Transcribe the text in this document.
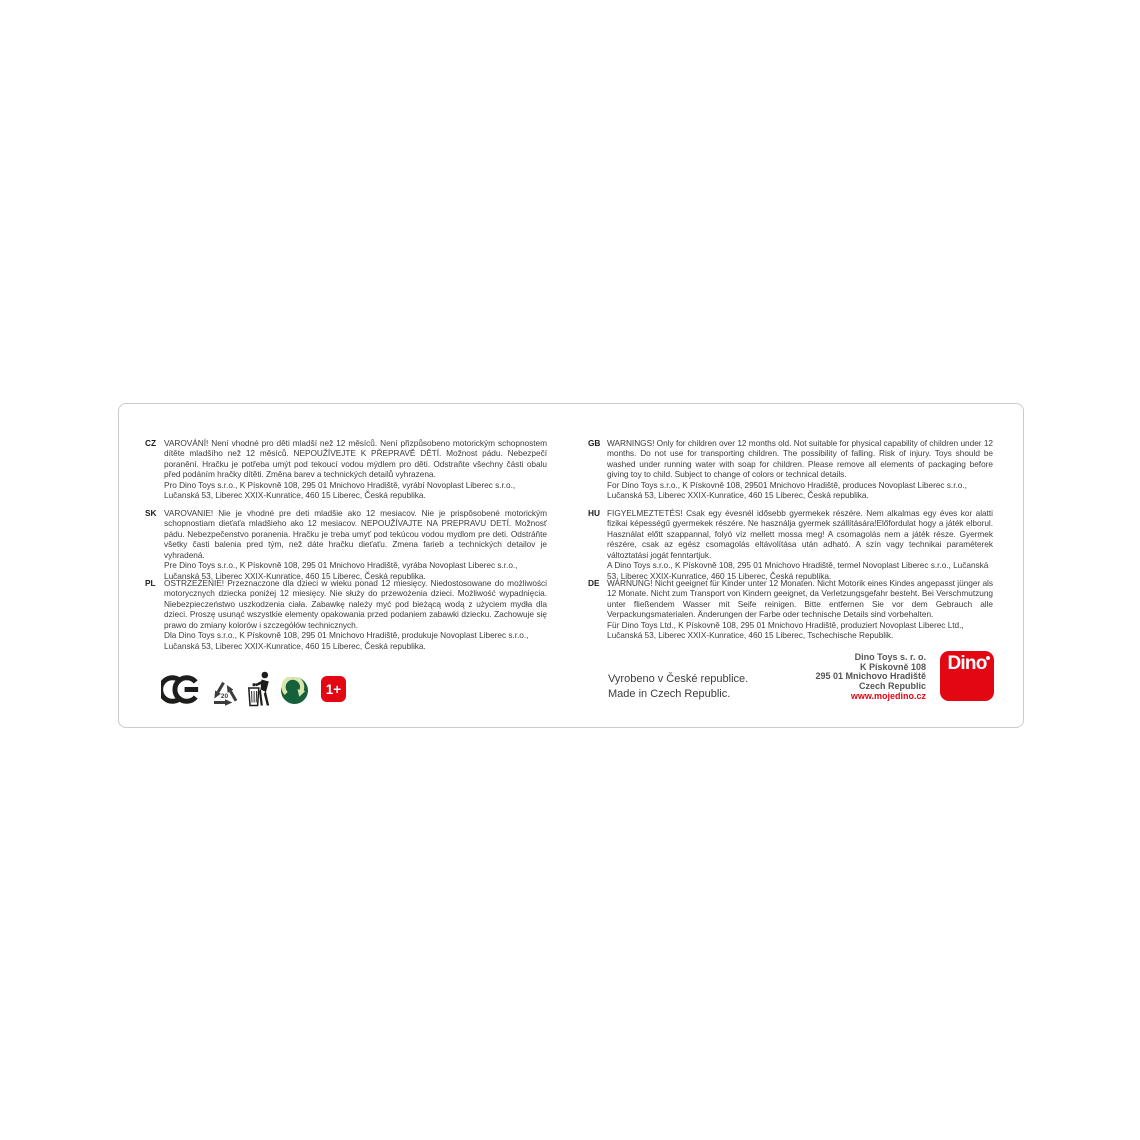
CZ VAROVÁNÍ! Není vhodné pro děti mladší než 12 měsíců. Není přizpůsobeno motorickým schopnostem dítěte mladšího než 12 měsíců. NEPOUŽÍVEJTE K PŘEPRAVĚ DĚTÍ. Možnost pádu. Nebezpečí poranění. Hračku je potřeba umýt pod tekoucí vodou mýdlem pro děti. Odstraňte všechny části obalu před podáním hračky dítěti. Změna barev a technických detailů vyhrazena.

Pro Dino Toys s.r.o., K Pískovně 108, 295 01 Mnichovo Hradiště, vyrábí Novoplast Liberec s.r.o., Lučanská 53, Liberec XXIX-Kunratice, 460 15 Liberec, Česká republika.

SK VAROVANIE! Nie je vhodné pre deti mladšie ako 12 mesiacov. Nie je prispôsobené motorickým schopnostiam dieťaťa mladšieho ako 12 mesiacov. NEPOUŽÍVAJTE NA PREPRAVU DETÍ. Možnosť pádu. Nebezpečenstvo poranenia. Hračku je treba umyť pod tekúcou vodou mydlom pre deti. Odstráňte všetky časti balenia pred tým, než dáte hračku dieťaťu. Zmena farieb a technických detailov je vyhradená.

Pre Dino Toys s.r.o., K Pískovně 108, 295 01 Mnichovo Hradiště, vyrába Novoplast Liberec s.r.o., Lučanská 53, Liberec XXIX-Kunratice, 460 15 Liberec, Česká republika.

PL OSTRZEŻENIE! Przeznaczone dla dzieci w wieku ponad 12 miesięcy. Niedostosowane do możliwości motorycznych dziecka poniżej 12 miesięcy. Nie służy do przewożenia dzieci. Możliwość wypadnięcia. Niebezpieczeństwo uszkodzenia ciała. Zabawkę należy myć pod bieżącą wodą z użyciem mydła dla dzieci. Proszę usunąć wszystkie elementy opakowania przed podaniem zabawki dziecku. Zachowuje się prawo do zmiany kolorów i szczegółów technicznych.

Dla Dino Toys s.r.o., K Pískovně 108, 295 01 Mnichovo Hradiště, produkuje Novoplast Liberec s.r.o., Lučanská 53, Liberec XXIX-Kunratice, 460 15 Liberec, Česká republika.

GB WARNINGS! Only for children over 12 months old. Not suitable for physical capability of children under 12 months. Do not use for transporting children. The possibility of falling. Risk of injury. Toys should be washed under running water with soap for children. Please remove all elements of packaging before giving toy to child. Subject to change of colors or technical details.

For Dino Toys s.r.o., K Pískovně 108, 29501 Mnichovo Hradiště, produces Novoplast Liberec s.r.o., Lučanská 53, Liberec XXIX-Kunratice, 460 15 Liberec, Česká republika.

HU FIGYELMEZTETÉS! Csak egy évesnél idősebb gyermekek részére. Nem alkalmas egy éves kor alatti fizikai képességű gyermekek részére. Ne használja gyermek szállítására!Előfordulat hogy a játék elborul. Használat előtt szappannal, folyó víz mellett mossa meg! A csomagolás nem a játék része. Gyermek részére, csak az egész csomagolás eltávolítása után adható. A szín vagy technikai paraméterek változtatási jogát fenntartjuk.

A Dino Toys s.r.o., K Pískovně 108, 295 01 Mnichovo Hradiště, termel Novoplast Liberec s.r.o., Lučanská 53, Liberec XXIX-Kunratice, 460 15 Liberec, Česká republika.

DE WARNUNG! Nicht geeignet für Kinder unter 12 Monaten. Nicht Motorik eines Kindes angepasst jünger als 12 Monate. Nicht zum Transport von Kindern geeignet, da Verletzungsgefahr besteht. Bei Verschmutzung unter fließendem Wasser mit Seife reinigen. Bitte entfernen Sie vor dem Gebrauch alle Verpackungsmaterialen. Änderungen der Farbe oder technische Details sind vorbehalten.

Für Dino Toys Ltd., K Pískovně 108, 295 01 Mnichovo Hradiště, produziert Novoplast Liberec Ltd., Lučanská 53, Liberec XXIX-Kunratice, 460 15 Liberec, Tschechische Republik.

20	1+
Vyrobeno v České republice.
Made in Czech Republic.
Dino Toys s. r. o.
K Pískovně 108
295 01 Mnichovo Hradiště
Czech Republic
www.mojedino.cz
Dino
